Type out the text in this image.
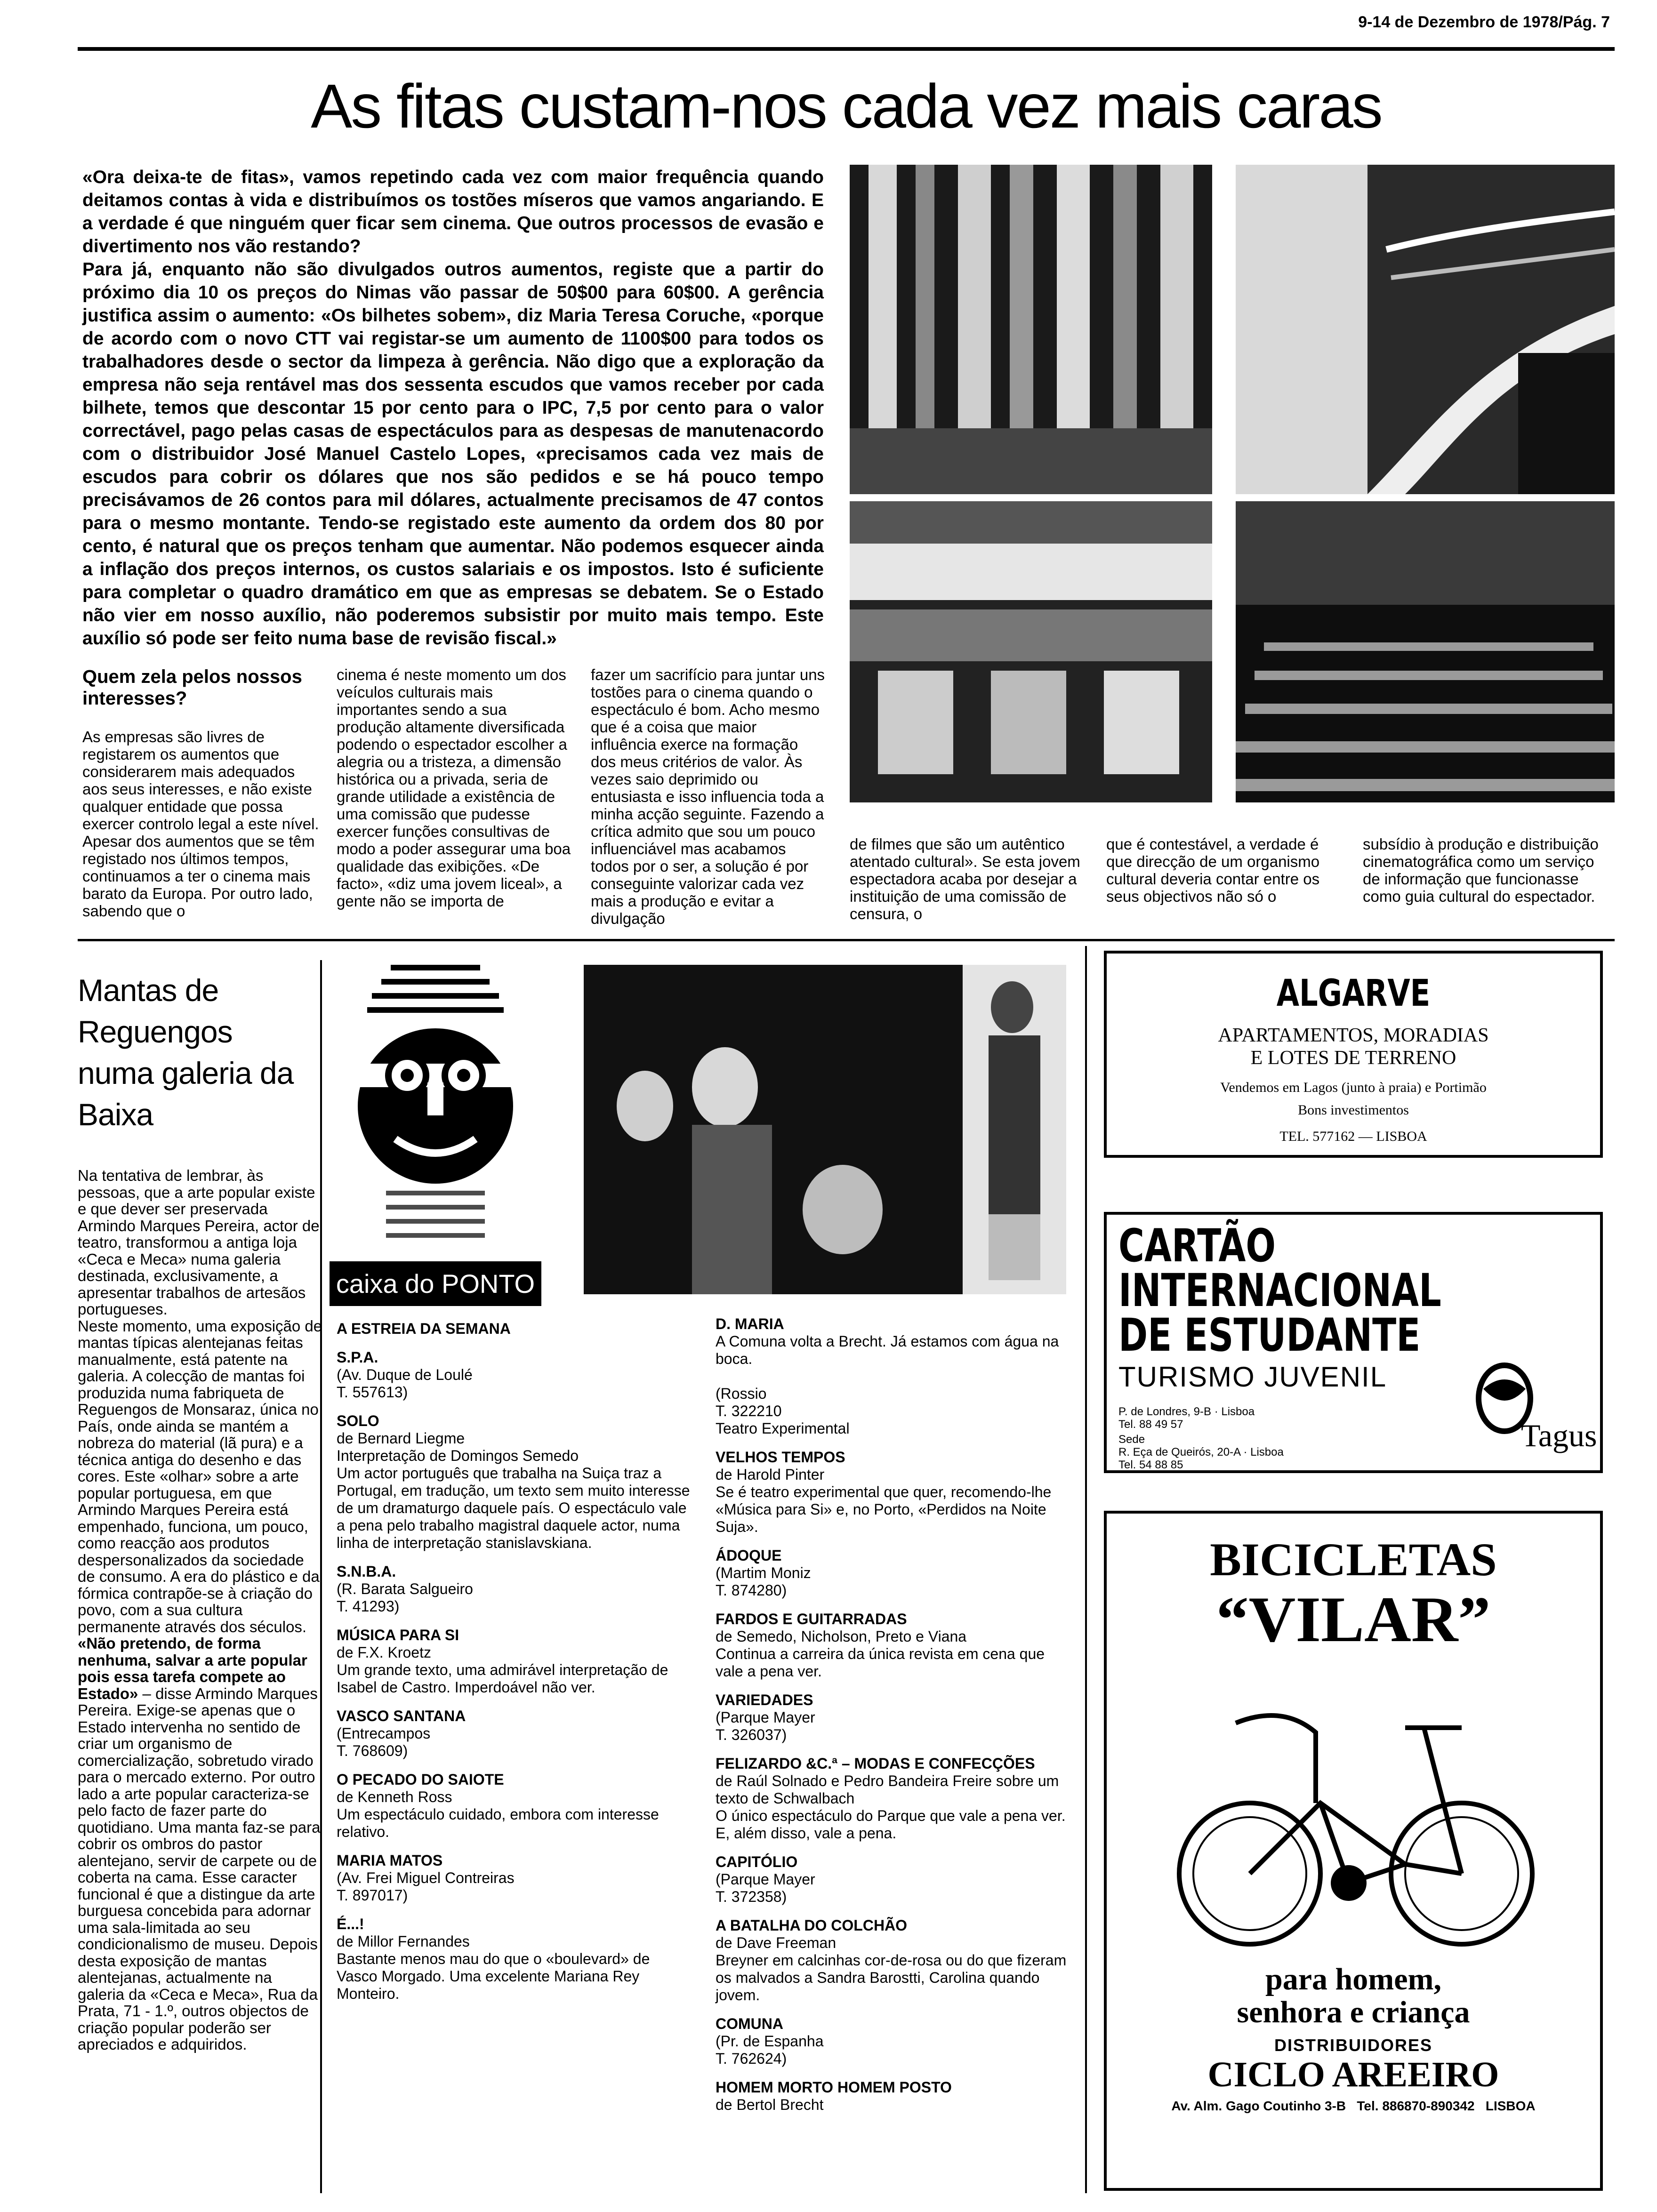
9-14 de Dezembro de 1978/Pág. 7
As fitas custam-nos cada vez mais caras

«Ora deixa-te de fitas», vamos repetindo cada vez com maior frequência quando deitamos contas à vida e distribuímos os tostões míseros que vamos angariando. E a verdade é que ninguém quer ficar sem cinema. Que outros processos de evasão e divertimento nos vão restando?

Para já, enquanto não são divulgados outros aumentos, registe que a partir do próximo dia 10 os preços do Nimas vão passar de 50$00 para 60$00. A gerência justifica assim o aumento: «Os bilhetes sobem», diz Maria Teresa Coruche, «porque de acordo com o novo CTT vai registar-se um aumento de 1100$00 para todos os trabalhadores desde o sector da limpeza à gerência. Não digo que a exploração da empresa não seja rentável mas dos sessenta escudos que vamos receber por cada bilhete, temos que descontar 15 por cento para o IPC, 7,5 por cento para o valor correctável, pago pelas casas de espectáculos para as despesas de manutenacordo com o distribuidor José Manuel Castelo Lopes, «precisamos cada vez mais de escudos para cobrir os dólares que nos são pedidos e se há pouco tempo precisávamos de 26 contos para mil dólares, actualmente precisamos de 47 contos para o mesmo montante. Tendo-se registado este aumento da ordem dos 80 por cento, é natural que os preços tenham que aumentar. Não podemos esquecer ainda a inflação dos preços internos, os custos salariais e os impostos. Isto é suficiente para completar o quadro dramático em que as empresas se debatem. Se o Estado não vier em nosso auxílio, não poderemos subsistir por muito mais tempo. Este auxílio só pode ser feito numa base de revisão fiscal.»

Quem zela pelos nossos interesses?

As empresas são livres de registarem os aumentos que considerarem mais adequados aos seus interesses, e não existe qualquer entidade que possa exercer controlo legal a este nível. Apesar dos aumentos que se têm registado nos últimos tempos, continuamos a ter o cinema mais barato da Europa. Por outro lado, sabendo que o

cinema é neste momento um dos veículos culturais mais importantes sendo a sua produção altamente diversificada podendo o espectador escolher a alegria ou a tristeza, a dimensão histórica ou a privada, seria de grande utilidade a existência de uma comissão que pudesse exercer funções consultivas de modo a poder assegurar uma boa qualidade das exibições. «De facto», «diz uma jovem liceal», a gente não se importa de

fazer um sacrifício para juntar uns tostões para o cinema quando o espectáculo é bom. Acho mesmo que é a coisa que maior influência exerce na formação dos meus critérios de valor. Às vezes saio deprimido ou entusiasta e isso influencia toda a minha acção seguinte. Fazendo a crítica admito que sou um pouco influenciável mas acabamos todos por o ser, a solução é por conseguinte valorizar cada vez mais a produção e evitar a divulgação

de filmes que são um autêntico atentado cultural». Se esta jovem espectadora acaba por desejar a instituição de uma comissão de censura, o

que é contestável, a verdade é que direcção de um organismo cultural deveria contar entre os seus objectivos não só o

subsídio à produção e distribuição cinematográfica como um serviço de informação que funcionasse como guia cultural do espectador.

Mantas de Reguengos numa galeria da Baixa
Na tentativa de lembrar, às pessoas, que a arte popular existe e que dever ser preservada Armindo Marques Pereira, actor de teatro, transformou a antiga loja «Ceca e Meca» numa galeria destinada, exclusivamente, a apresentar trabalhos de artesãos portugueses.
Neste momento, uma exposição de mantas típicas alentejanas feitas manualmente, está patente na galeria. A colecção de mantas foi produzida numa fabriqueta de Reguengos de Monsaraz, única no País, onde ainda se mantém a nobreza do material (lã pura) e a técnica antiga do desenho e das cores. Este «olhar» sobre a arte popular portuguesa, em que Armindo Marques Pereira está empenhado, funciona, um pouco, como reacção aos produtos despersonalizados da sociedade de consumo. A era do plástico e da fórmica contrapõe-se à criação do povo, com a sua cultura permanente através dos séculos.
«Não pretendo, de forma nenhuma, salvar a arte popular pois essa tarefa compete ao Estado» – disse Armindo Marques Pereira. Exige-se apenas que o Estado intervenha no sentido de criar um organismo de comercialização, sobretudo virado para o mercado externo. Por outro lado a arte popular caracteriza-se pelo facto de fazer parte do quotidiano. Uma manta faz-se para cobrir os ombros do pastor alentejano, servir de carpete ou de coberta na cama. Esse caracter funcional é que a distingue da arte burguesa concebida para adornar uma sala-limitada ao seu condicionalismo de museu. Depois desta exposição de mantas alentejanas, actualmente na galeria da «Ceca e Meca», Rua da Prata, 71 - 1.º, outros objectos de criação popular poderão ser apreciados e adquiridos.
caixa do PONTO
A ESTREIA DA SEMANA
S.P.A.
(Av. Duque de Loulé
T. 557613)
SOLO
de Bernard Liegme
Interpretação de Domingos Semedo
Um actor português que trabalha na Suiça traz a Portugal, em tradução, um texto sem muito interesse de um dramaturgo daquele país. O espectáculo vale a pena pelo trabalho magistral daquele actor, numa linha de interpretação stanislavskiana.
S.N.B.A.
(R. Barata Salgueiro
T. 41293)
MÚSICA PARA SI
de F.X. Kroetz
Um grande texto, uma admirável interpretação de Isabel de Castro. Imperdoável não ver.
VASCO SANTANA
(Entrecampos
T. 768609)
O PECADO DO SAIOTE
de Kenneth Ross
Um espectáculo cuidado, embora com interesse relativo.
MARIA MATOS
(Av. Frei Miguel Contreiras
T. 897017)
É...!
de Millor Fernandes
Bastante menos mau do que o «boulevard» de Vasco Morgado. Uma excelente Mariana Rey Monteiro.
D. MARIA
A Comuna volta a Brecht. Já estamos com água na boca.

(Rossio
T. 322210
Teatro Experimental
VELHOS TEMPOS
de Harold Pinter
Se é teatro experimental que quer, recomendo-lhe «Música para Si» e, no Porto, «Perdidos na Noite Suja».
ÁDOQUE
(Martim Moniz
T. 874280)
FARDOS E GUITARRADAS
de Semedo, Nicholson, Preto e Viana
Continua a carreira da única revista em cena que vale a pena ver.
VARIEDADES
(Parque Mayer
T. 326037)
FELIZARDO &C.ª – MODAS E CONFECÇÕES
de Raúl Solnado e Pedro Bandeira Freire sobre um texto de Schwalbach
O único espectáculo do Parque que vale a pena ver. E, além disso, vale a pena.
CAPITÓLIO
(Parque Mayer
T. 372358)
A BATALHA DO COLCHÃO
de Dave Freeman
Breyner em calcinhas cor-de-rosa ou do que fizeram os malvados a Sandra Barostti, Carolina quando jovem.
COMUNA
(Pr. de Espanha
T. 762624)
HOMEM MORTO HOMEM POSTO
de Bertol Brecht
ALGARVE
APARTAMENTOS, MORADIAS
E LOTES DE TERRENO
Vendemos em Lagos (junto à praia) e Portimão
Bons investimentos
TEL. 577162 — LISBOA
CARTÃO
INTERNACIONAL
DE ESTUDANTE
TURISMO JUVENIL
P. de Londres, 9-B · Lisboa
Tel. 88 49 57
Sede
R. Eça de Queirós, 20-A · Lisboa
Tel. 54 88 85
Tagus
BICICLETAS
“VILAR”
para homem,
senhora e criança
DISTRIBUIDORES
CICLO AREEIRO
Av. Alm. Gago Coutinho 3-B   Tel. 886870-890342   LISBOA
